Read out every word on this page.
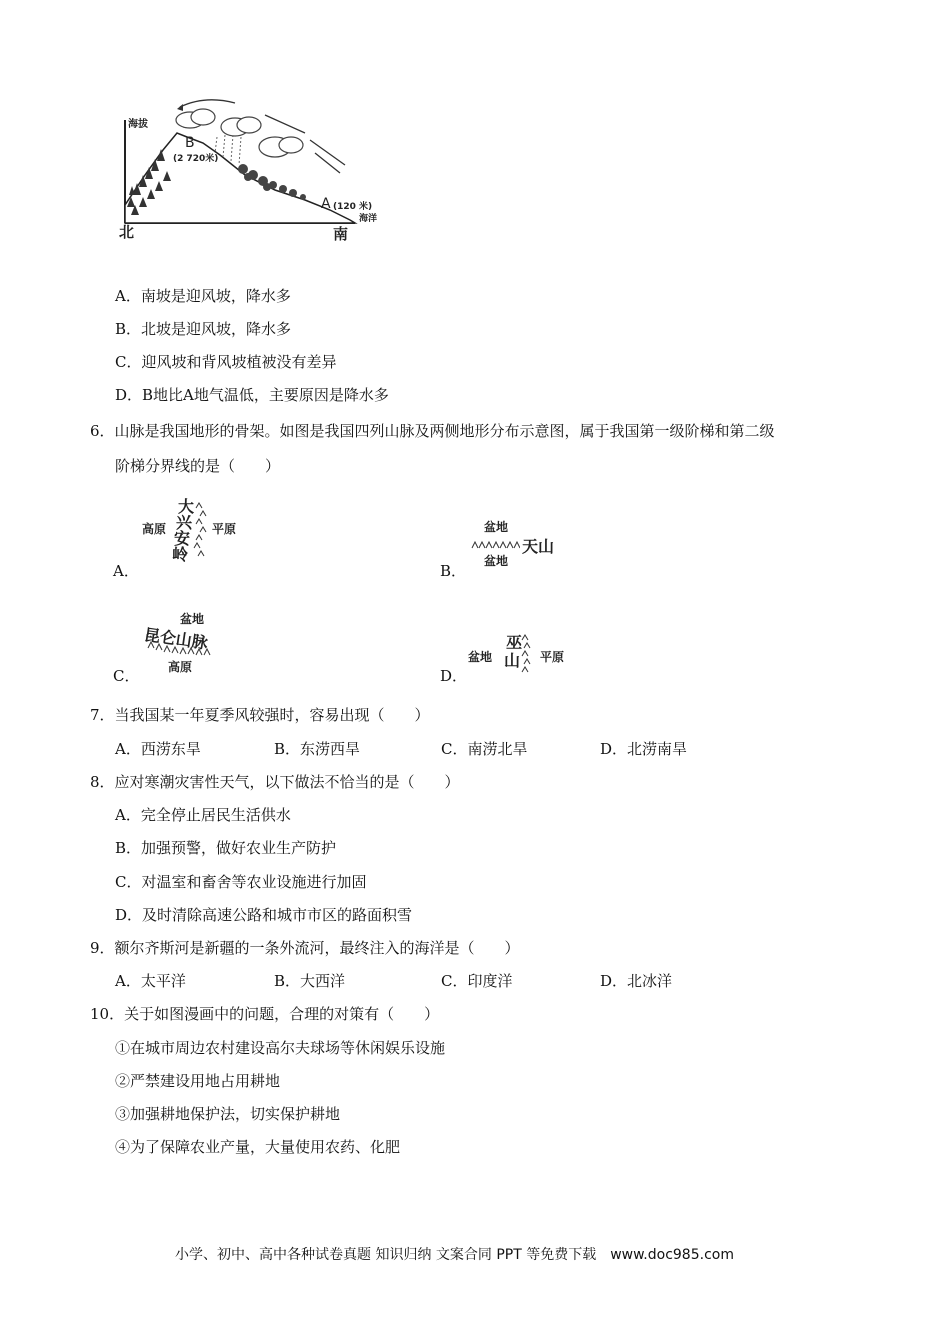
海拔
B
(2 720米)
A (120 米)
海洋
北	南
A．南坡是迎风坡，降水多
B．北坡是迎风坡，降水多
C．迎风坡和背风坡植被没有差异
D．B地比A地气温低，主要原因是降水多
6．山脉是我国地形的骨架。如图是我国四列山脉及两侧地形分布示意图，属于我国第一级阶梯和第二级
阶梯分界线的是（　　）
A．
高原	平原
大
兴
安
岭
B．
盆地
盆地
天山
C．
盆地
昆仑山脉
高原	D．
盆地
巫
山 平原
7．当我国某一年夏季风较强时，容易出现（　　）
A．西涝东旱	B．东涝西旱	C．南涝北旱	D．北涝南旱
8．应对寒潮灾害性天气，以下做法不恰当的是（　　）
A．完全停止居民生活供水
B．加强预警，做好农业生产防护
C．对温室和畜舍等农业设施进行加固
D．及时清除高速公路和城市市区的路面积雪
9．额尔齐斯河是新疆的一条外流河，最终注入的海洋是（　　）
A．太平洋	B．大西洋	C．印度洋	D．北冰洋
10．关于如图漫画中的问题，合理的对策有（　　）
①在城市周边农村建设高尔夫球场等休闲娱乐设施
②严禁建设用地占用耕地
③加强耕地保护法，切实保护耕地
④为了保障农业产量，大量使用农药、化肥
小学、初中、高中各种试卷真题 知识归纳 文案合同 PPT 等免费下载　www.doc985.com
